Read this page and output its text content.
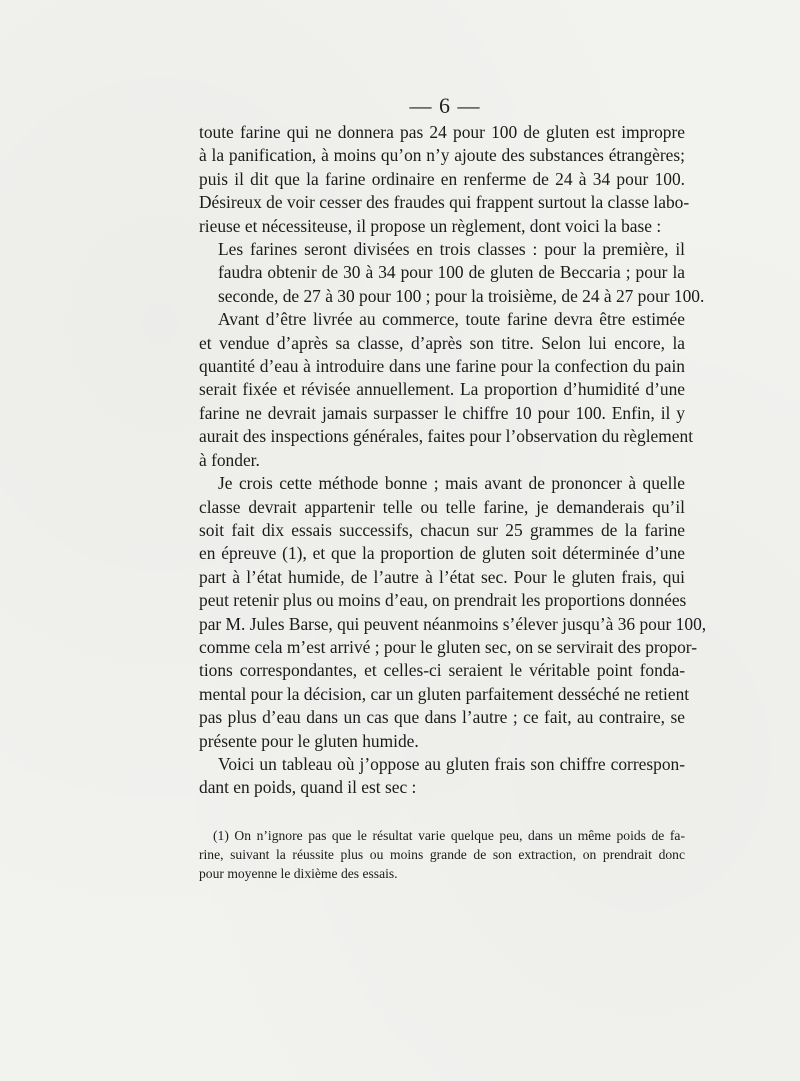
— 6 —

toute farine qui ne donnera pas 24 pour 100 de gluten est impropre
à la panification, à moins qu’on n’y ajoute des substances étrangères;
puis il dit que la farine ordinaire en renferme de 24 à 34 pour 100.
Désireux de voir cesser des fraudes qui frappent surtout la classe labo-
rieuse et nécessiteuse, il propose un règlement, dont voici la base :

Les farines seront divisées en trois classes : pour la première, il
faudra obtenir de 30 à 34 pour 100 de gluten de Beccaria ; pour la
seconde, de 27 à 30 pour 100 ; pour la troisième, de 24 à 27 pour 100.

Avant d’être livrée au commerce, toute farine devra être estimée
et vendue d’après sa classe, d’après son titre. Selon lui encore, la
quantité d’eau à introduire dans une farine pour la confection du pain
serait fixée et révisée annuellement. La proportion d’humidité d’une
farine ne devrait jamais surpasser le chiffre 10 pour 100. Enfin, il y
aurait des inspections générales, faites pour l’observation du règlement
à fonder.

Je crois cette méthode bonne ; mais avant de prononcer à quelle
classe devrait appartenir telle ou telle farine, je demanderais qu’il
soit fait dix essais successifs, chacun sur 25 grammes de la farine
en épreuve (1), et que la proportion de gluten soit déterminée d’une
part à l’état humide, de l’autre à l’état sec. Pour le gluten frais, qui
peut retenir plus ou moins d’eau, on prendrait les proportions données
par M. Jules Barse, qui peuvent néanmoins s’élever jusqu’à 36 pour 100,
comme cela m’est arrivé ; pour le gluten sec, on se servirait des propor-
tions correspondantes, et celles-ci seraient le véritable point fonda-
mental pour la décision, car un gluten parfaitement desséché ne retient
pas plus d’eau dans un cas que dans l’autre ; ce fait, au contraire, se
présente pour le gluten humide.

Voici un tableau où j’oppose au gluten frais son chiffre correspon-
dant en poids, quand il est sec :

(1) On n’ignore pas que le résultat varie quelque peu, dans un même poids de fa-
rine, suivant la réussite plus ou moins grande de son extraction, on prendrait donc
pour moyenne le dixième des essais.
